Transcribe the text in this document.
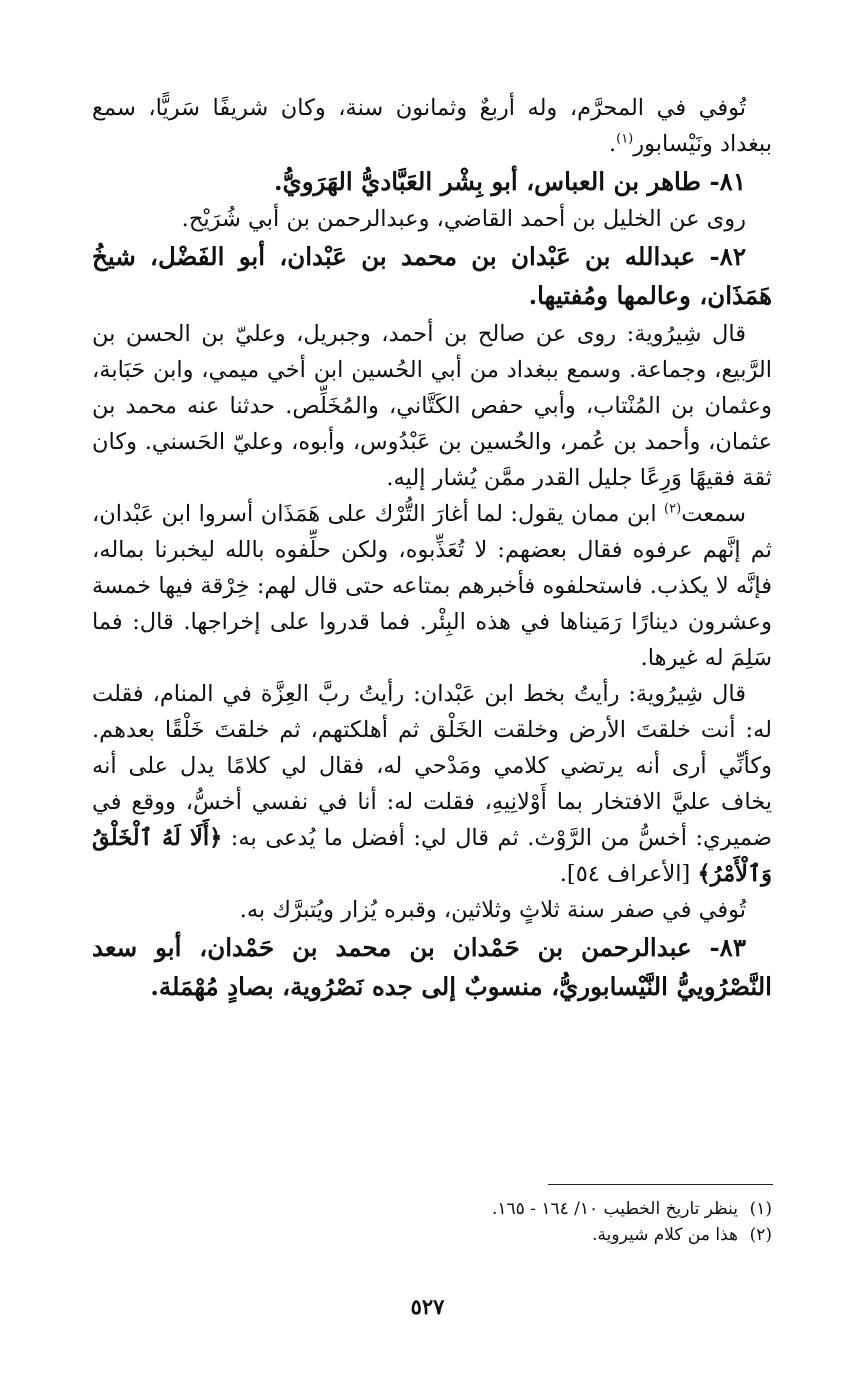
تُوفي في المحرَّم، وله أربعٌ وثمانون سنة، وكان شريفًا سَريًّا، سمع ببغداد ونَيْسابور$^{(١)}$.

٨١- طاهر بن العباس، أبو بِشْر العَبَّاديُّ الهَرَويُّ.

روى عن الخليل بن أحمد القاضي، وعبدالرحمن بن أبي شُرَيْح.

٨٢- عبدالله بن عَبْدان بن محمد بن عَبْدان، أبو الفَضْل، شيخُ هَمَذَان، وعالمها ومُفتيها.

قال شِيرُوية: روى عن صالح بن أحمد، وجبريل، وعليّ بن الحسن بن الرَّبيع، وجماعة. وسمع ببغداد من أبي الحُسين ابن أخي ميمي، وابن حَبَابة، وعثمان بن المُنْتاب، وأبي حفص الكَتَّاني، والمُخَلِّص. حدثنا عنه محمد بن عثمان، وأحمد بن عُمر، والحُسين بن عَبْدُوس، وأبوه، وعليّ الحَسني. وكان ثقة فقيهًا وَرِعًا جليل القدر ممَّن يُشار إليه.

سمعت$^{(٢)}$ ابن ممان يقول: لما أغارَ التُّرْك على هَمَذَان أسروا ابن عَبْدان، ثم إنَّهم عرفوه فقال بعضهم: لا تُعَذِّبوه، ولكن حلِّفوه بالله ليخبرنا بماله، فإنَّه لا يكذب. فاستحلفوه فأخبرهم بمتاعه حتى قال لهم: خِرْقة فيها خمسة وعشرون دينارًا رَمَيناها في هذه البِئْر. فما قدروا على إخراجها. قال: فما سَلِمَ له غيرها.

قال شِيرُوية: رأيتُ بخط ابن عَبْدان: رأيتُ ربَّ العِزَّة في المنام، فقلت له: أنت خلقتَ الأرض وخلقت الخَلْق ثم أهلكتهم، ثم خلقتَ خَلْقًا بعدهم. وكأنِّي أرى أنه يرتضي كلامي ومَدْحي له، فقال لي كلامًا يدل على أنه يخاف عليَّ الافتخار بما أَوْلانِيهِ، فقلت له: أنا في نفسي أخسُّ، ووقع في ضميري: أخسُّ من الرَّوْث. ثم قال لي: أفضل ما يُدعى به: ﴿أَلَا لَهُ ٱلْخَلْقُ وَٱلْأَمْرُ﴾ [الأعراف ٥٤].

تُوفي في صفر سنة ثلاثٍ وثلاثين، وقبره يُزار ويُتبرَّك به.

٨٣- عبدالرحمن بن حَمْدان بن محمد بن حَمْدان، أبو سعد النَّصْرُوييُّ النَّيْسابوريُّ، منسوبٌ إلى جده نَصْرُوية، بصادٍ مُهْمَلة.

(١)ينظر تاريخ الخطيب ١٠/ ١٦٤ - ١٦٥.

(٢)هذا من كلام شيروية.

٥٢٧
